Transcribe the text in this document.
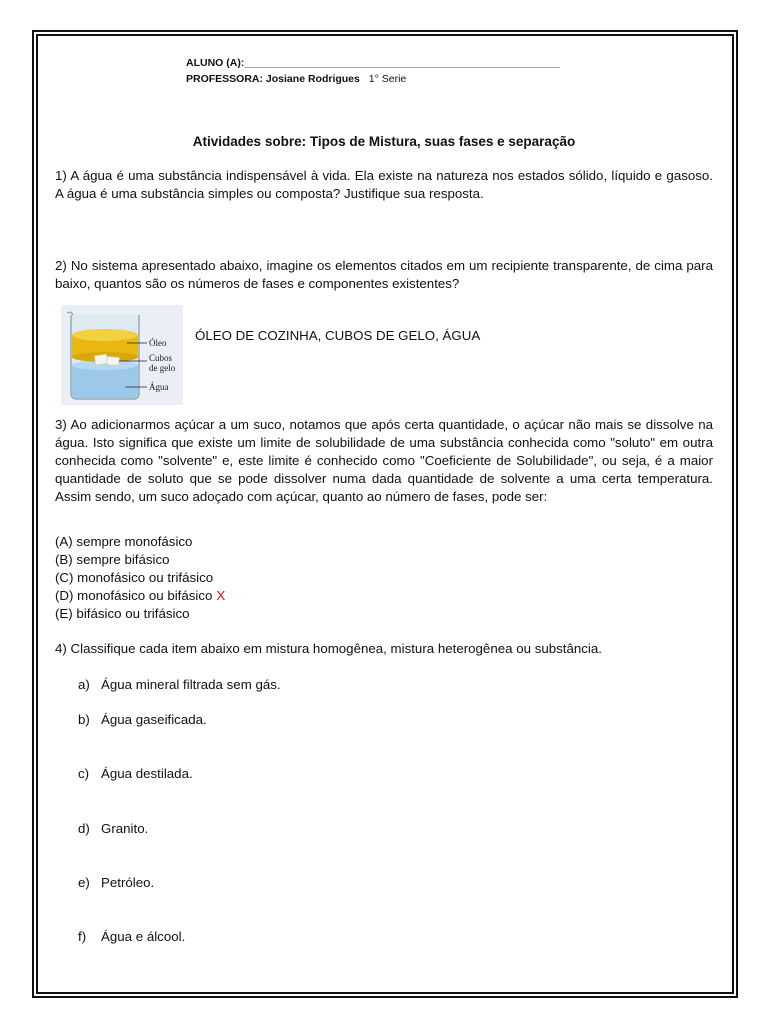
ALUNO (A):______________________________________________________
PROFESSORA: Josiane Rodrigues 1° Serie
Atividades sobre: Tipos de Mistura, suas fases e separação
1) A água é uma substância indispensável à vida. Ela existe na natureza nos estados sólido, líquido e gasoso. A água é uma substância simples ou composta? Justifique sua resposta.
2) No sistema apresentado abaixo, imagine os elementos citados em um recipiente transparente, de cima para baixo, quantos são os números de fases e componentes existentes?
Óleo
Cubos
de gelo
Água
ÓLEO DE COZINHA, CUBOS DE GELO, ÁGUA
3) Ao adicionarmos açúcar a um suco, notamos que após certa quantidade, o açúcar não mais se dissolve na água. Isto significa que existe um limite de solubilidade de uma substância conhecida como "soluto" em outra conhecida como "solvente" e, este limite é conhecido como "Coeficiente de Solubilidade", ou seja, é a maior quantidade de soluto que se pode dissolver numa dada quantidade de solvente a uma certa temperatura. Assim sendo, um suco adoçado com açúcar, quanto ao número de fases, pode ser:
(A) sempre monofásico
(B) sempre bifásico
(C) monofásico ou trifásico
(D) monofásico ou bifásico X
(E) bifásico ou trifásico
4) Classifique cada item abaixo em mistura homogênea, mistura heterogênea ou substância.
a) Água mineral filtrada sem gás.
b) Água gaseificada.
c) Água destilada.
d) Granito.
e) Petróleo.
f) Água e álcool.
